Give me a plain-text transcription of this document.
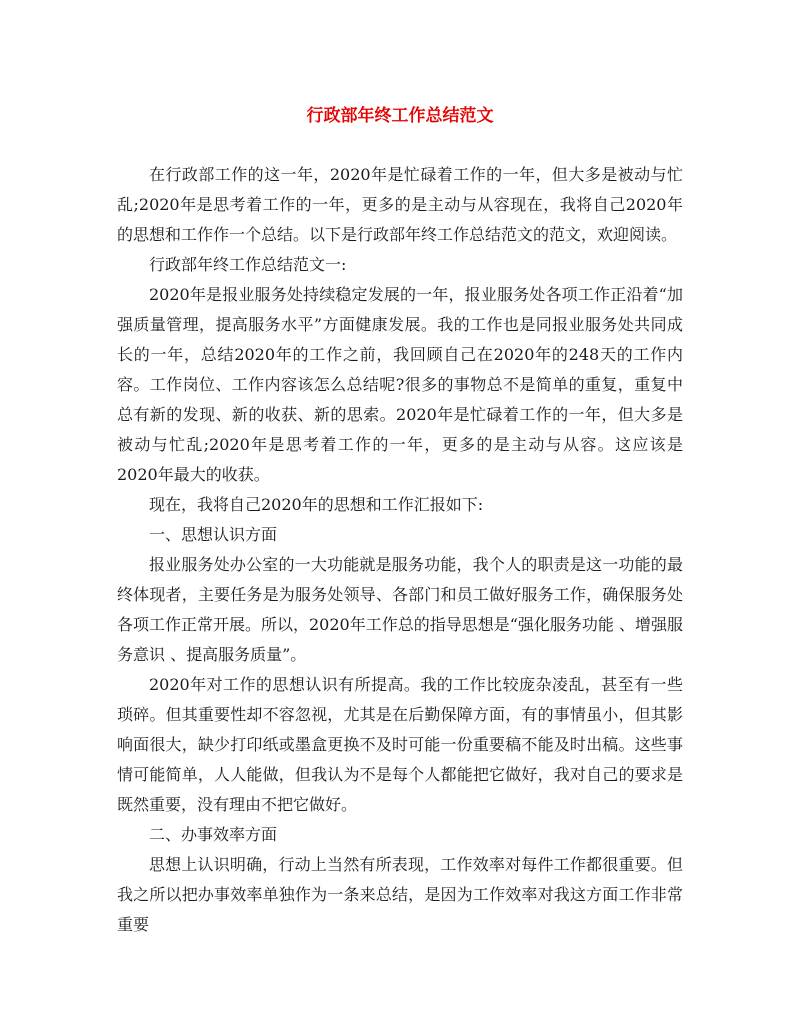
行政部年终工作总结范文

在行政部工作的这一年，2020年是忙碌着工作的一年，但大多是被动与忙乱;2020年是思考着工作的一年，更多的是主动与从容现在，我将自己2020年的思想和工作作一个总结。以下是行政部年终工作总结范文的范文，欢迎阅读。

行政部年终工作总结范文一:

2020年是报业服务处持续稳定发展的一年，报业服务处各项工作正沿着“加强质量管理，提高服务水平”方面健康发展。我的工作也是同报业服务处共同成长的一年，总结2020年的工作之前，我回顾自己在2020年的248天的工作内容。工作岗位、工作内容该怎么总结呢?很多的事物总不是简单的重复，重复中总有新的发现、新的收获、新的思索。2020年是忙碌着工作的一年，但大多是被动与忙乱;2020年是思考着工作的一年，更多的是主动与从容。这应该是2020年最大的收获。

现在，我将自己2020年的思想和工作汇报如下:

一、思想认识方面

报业服务处办公室的一大功能就是服务功能，我个人的职责是这一功能的最终体现者，主要任务是为服务处领导、各部门和员工做好服务工作，确保服务处各项工作正常开展。所以，2020年工作总的指导思想是“强化服务功能 、增强服务意识 、提高服务质量”。

2020年对工作的思想认识有所提高。我的工作比较庞杂凌乱，甚至有一些琐碎。但其重要性却不容忽视，尤其是在后勤保障方面，有的事情虽小，但其影响面很大，缺少打印纸或墨盒更换不及时可能一份重要稿不能及时出稿。这些事情可能简单，人人能做，但我认为不是每个人都能把它做好，我对自己的要求是既然重要，没有理由不把它做好。

二、办事效率方面

思想上认识明确，行动上当然有所表现，工作效率对每件工作都很重要。但我之所以把办事效率单独作为一条来总结，是因为工作效率对我这方面工作非常重要
